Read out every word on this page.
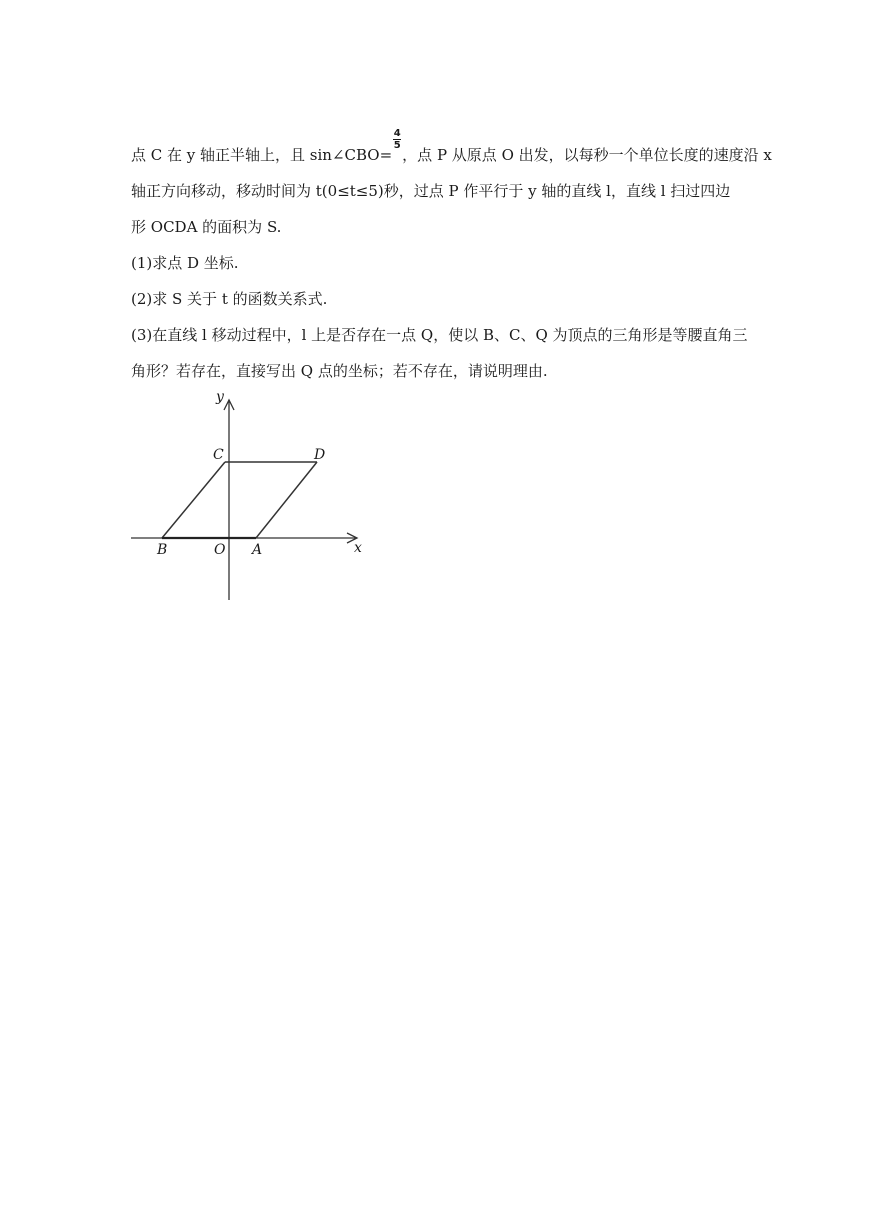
点 C 在 y 轴正半轴上，且 sin∠CBO= $\frac{4}{5}$ ，点 P 从原点 O 出发，以每秒一个单位长度的速度沿 x
轴正方向移动，移动时间为 t(0≤t≤5)秒，过点 P 作平行于 y 轴的直线 l，直线 l 扫过四边
形 OCDA 的面积为 S.
(1)求点 D 坐标.
(2)求 S 关于 t 的函数关系式.
(3)在直线 l 移动过程中，l 上是否存在一点 Q，使以 B、C、Q 为顶点的三角形是等腰直角三
角形？若存在，直接写出 Q 点的坐标；若不存在，请说明理由.
y
x
C	D
B	O A
